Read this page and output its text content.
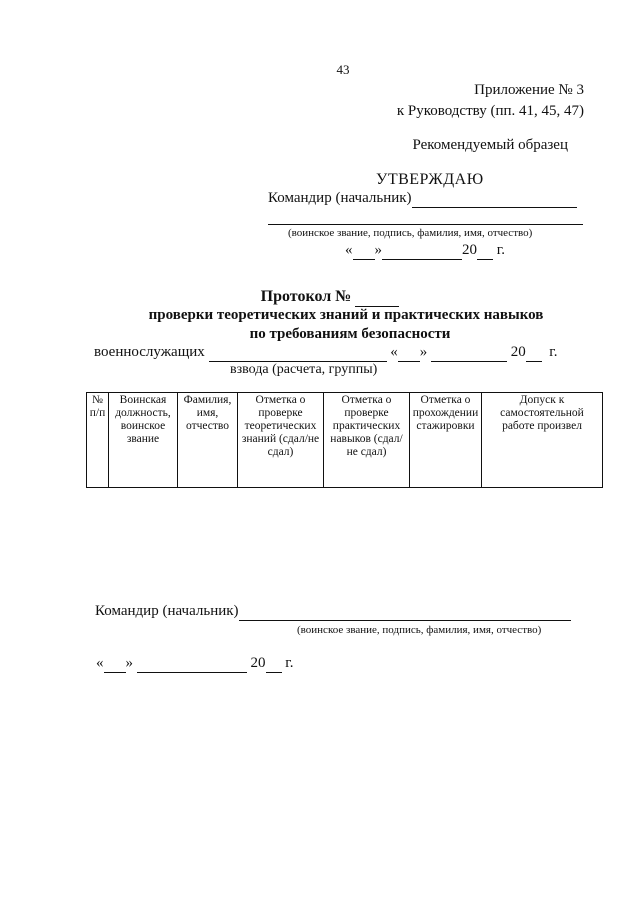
43
Приложение № 3
к Руководству (пп. 41, 45, 47)
Рекомендуемый образец
УТВЕРЖДАЮ
Командир (начальник)
(воинское звание, подпись, фамилия, имя, отчество)
« »	20 г.
Протокол №
проверки теоретических знаний и практических навыков
по требованиям безопасности
военнослужащих	« »	20 г.
взвода (расчета, группы)
№ п/п	Воинская должность, воинское звание	Фамилия, имя, отчество	Отметка о проверке теоретических знаний (сдал/не сдал)	Отметка о проверке практических навыков (сдал/не сдал)	Отметка о прохождении стажировки	Допуск к самостоятельной работе произвел
Командир (начальник)
(воинское звание, подпись, фамилия, имя, отчество)
« »	20 г.
